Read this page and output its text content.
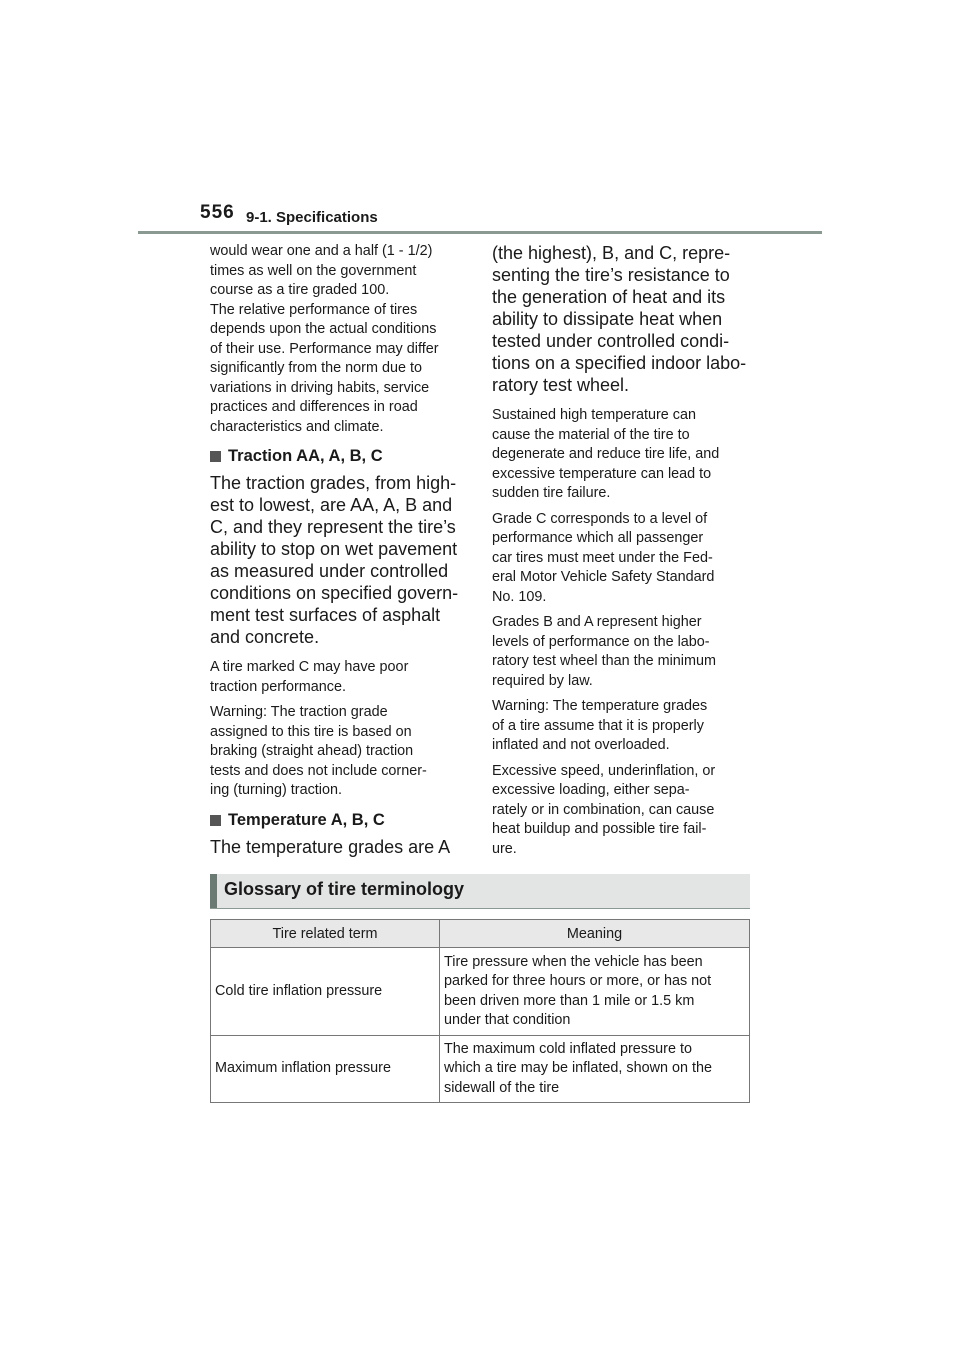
556 9-1. Specifications

would wear one and a half (1 - 1/2)
times as well on the government
course as a tire graded 100.

The relative performance of tires
depends upon the actual conditions
of their use. Performance may differ
significantly from the norm due to
variations in driving habits, service
practices and differences in road
characteristics and climate.

Traction AA, A, B, C

The traction grades, from high-
est to lowest, are AA, A, B and
C, and they represent the tire’s
ability to stop on wet pavement
as measured under controlled
conditions on specified govern-
ment test surfaces of asphalt
and concrete.

A tire marked C may have poor
traction performance.

Warning: The traction grade
assigned to this tire is based on
braking (straight ahead) traction
tests and does not include corner-
ing (turning) traction.

Temperature A, B, C

The temperature grades are A

(the highest), B, and C, repre-
senting the tire’s resistance to
the generation of heat and its
ability to dissipate heat when
tested under controlled condi-
tions on a specified indoor labo-
ratory test wheel.

Sustained high temperature can
cause the material of the tire to
degenerate and reduce tire life, and
excessive temperature can lead to
sudden tire failure.

Grade C corresponds to a level of
performance which all passenger
car tires must meet under the Fed-
eral Motor Vehicle Safety Standard
No. 109.

Grades B and A represent higher
levels of performance on the labo-
ratory test wheel than the minimum
required by law.

Warning: The temperature grades
of a tire assume that it is properly
inflated and not overloaded.

Excessive speed, underinflation, or
excessive loading, either sepa-
rately or in combination, can cause
heat buildup and possible tire fail-
ure.

Glossary of tire terminology
Tire related term	Meaning
Cold tire inflation pressure	Tire pressure when the vehicle has been
parked for three hours or more, or has not
been driven more than 1 mile or 1.5 km
under that condition
Maximum inflation pressure	The maximum cold inflated pressure to
which a tire may be inflated, shown on the
sidewall of the tire
